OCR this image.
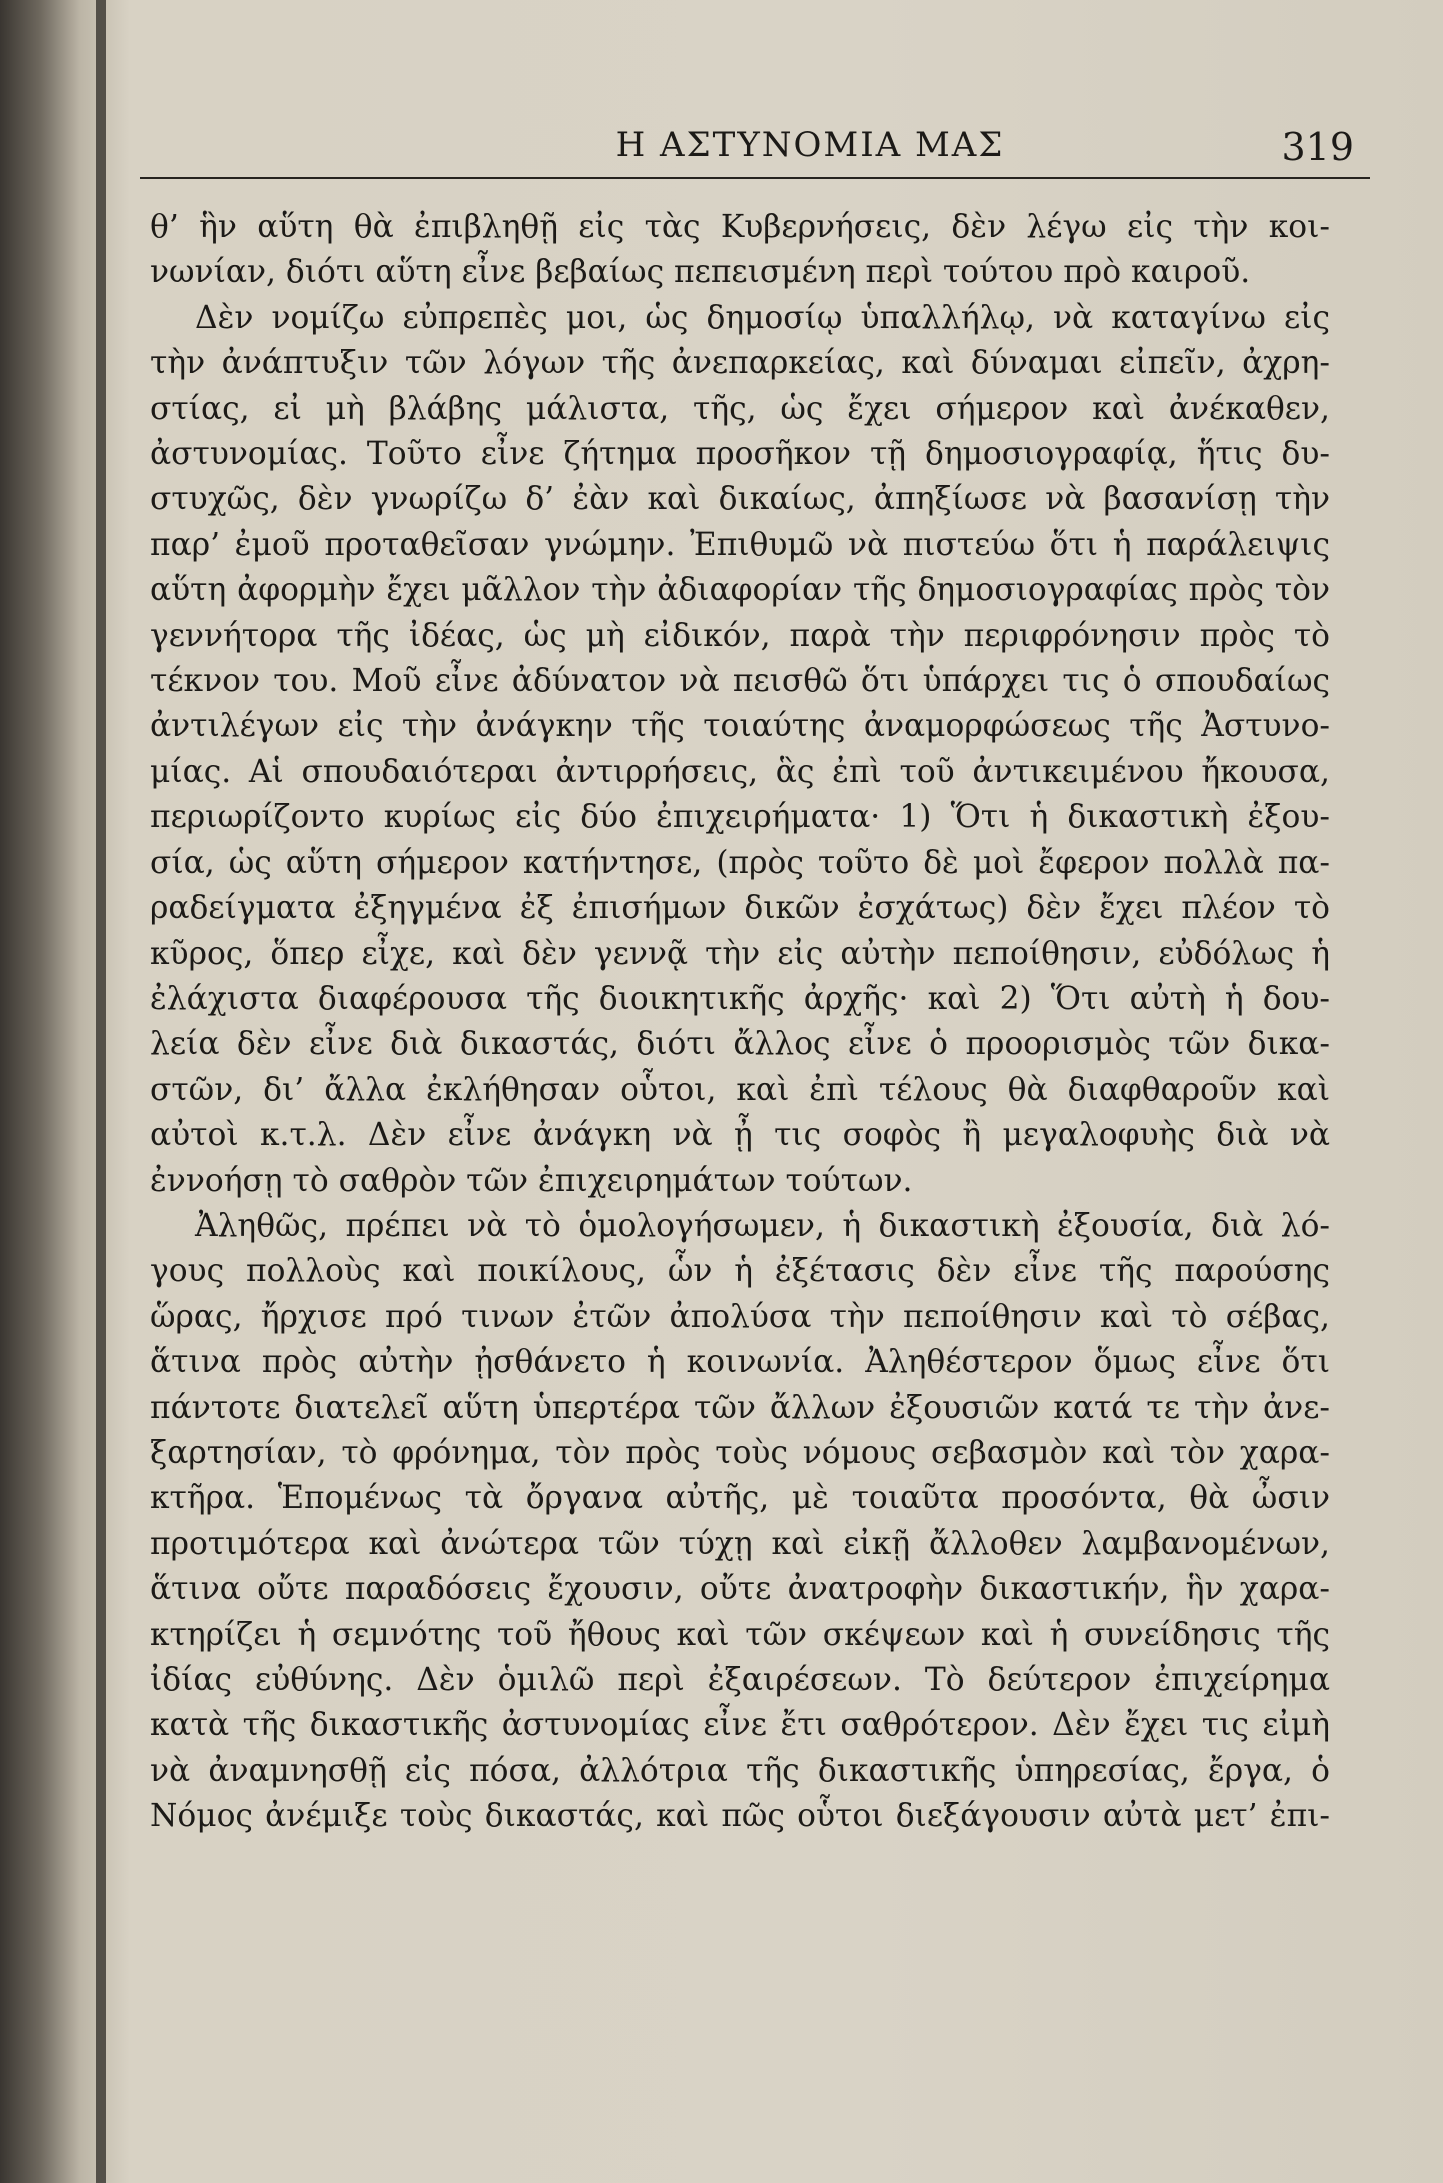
Η ΑΣΤΥΝΟΜΙΑ ΜΑΣ	319

θ’ ἣν αὕτη θὰ ἐπιβληθῇ εἰς τὰς Κυβερνήσεις, δὲν λέγω εἰς τὴν κοι-

νωνίαν, διότι αὕτη εἶνε βεβαίως πεπεισμένη περὶ τούτου πρὸ καιροῦ.

Δὲν νομίζω εὐπρεπὲς μοι, ὡς δημοσίῳ ὑπαλλήλῳ, νὰ καταγίνω εἰς

τὴν ἀνάπτυξιν τῶν λόγων τῆς ἀνεπαρκείας, καὶ δύναμαι εἰπεῖν, ἀχρη-

στίας, εἰ μὴ βλάβης μάλιστα, τῆς, ὡς ἔχει σήμερον καὶ ἀνέκαθεν,

ἀστυνομίας. Τοῦτο εἶνε ζήτημα προσῆκον τῇ δημοσιογραφίᾳ, ἥτις δυ-

στυχῶς, δὲν γνωρίζω δ’ ἐὰν καὶ δικαίως, ἀπηξίωσε νὰ βασανίσῃ τὴν

παρ’ ἐμοῦ προταθεῖσαν γνώμην. Ἐπιθυμῶ νὰ πιστεύω ὅτι ἡ παράλειψις

αὕτη ἀφορμὴν ἔχει μᾶλλον τὴν ἀδιαφορίαν τῆς δημοσιογραφίας πρὸς τὸν

γεννήτορα τῆς ἰδέας, ὡς μὴ εἰδικόν, παρὰ τὴν περιφρόνησιν πρὸς τὸ

τέκνον του. Μοῦ εἶνε ἀδύνατον νὰ πεισθῶ ὅτι ὑπάρχει τις ὁ σπουδαίως

ἀντιλέγων εἰς τὴν ἀνάγκην τῆς τοιαύτης ἀναμορφώσεως τῆς Ἀστυνο-

μίας. Αἱ σπουδαιότεραι ἀντιρρήσεις, ἃς ἐπὶ τοῦ ἀντικειμένου ἤκουσα,

περιωρίζοντο κυρίως εἰς δύο ἐπιχειρήματα· 1) Ὅτι ἡ δικαστικὴ ἐξου-

σία, ὡς αὕτη σήμερον κατήντησε, (πρὸς τοῦτο δὲ μοὶ ἔφερον πολλὰ πα-

ραδείγματα ἐξηγμένα ἐξ ἐπισήμων δικῶν ἐσχάτως) δὲν ἔχει πλέον τὸ

κῦρος, ὅπερ εἶχε, καὶ δὲν γεννᾷ τὴν εἰς αὐτὴν πεποίθησιν, εὐδόλως ἡ

ἐλάχιστα διαφέρουσα τῆς διοικητικῆς ἀρχῆς· καὶ 2) Ὅτι αὐτὴ ἡ δου-

λεία δὲν εἶνε διὰ δικαστάς, διότι ἄλλος εἶνε ὁ προορισμὸς τῶν δικα-

στῶν, δι’ ἄλλα ἐκλήθησαν οὗτοι, καὶ ἐπὶ τέλους θὰ διαφθαροῦν καὶ

αὐτοὶ κ.τ.λ. Δὲν εἶνε ἀνάγκη νὰ ᾖ τις σοφὸς ἢ μεγαλοφυὴς διὰ νὰ

ἐννοήσῃ τὸ σαθρὸν τῶν ἐπιχειρημάτων τούτων.

Ἀληθῶς, πρέπει νὰ τὸ ὁμολογήσωμεν, ἡ δικαστικὴ ἐξουσία, διὰ λό-

γους πολλοὺς καὶ ποικίλους, ὧν ἡ ἐξέτασις δὲν εἶνε τῆς παρούσης

ὥρας, ἤρχισε πρό τινων ἐτῶν ἀπολύσα τὴν πεποίθησιν καὶ τὸ σέβας,

ἅτινα πρὸς αὐτὴν ᾐσθάνετο ἡ κοινωνία. Ἀληθέστερον ὅμως εἶνε ὅτι

πάντοτε διατελεῖ αὕτη ὑπερτέρα τῶν ἄλλων ἐξουσιῶν κατά τε τὴν ἀνε-

ξαρτησίαν, τὸ φρόνημα, τὸν πρὸς τοὺς νόμους σεβασμὸν καὶ τὸν χαρα-

κτῆρα. Ἑπομένως τὰ ὄργανα αὐτῆς, μὲ τοιαῦτα προσόντα, θὰ ὦσιν

προτιμότερα καὶ ἀνώτερα τῶν τύχῃ καὶ εἰκῇ ἄλλοθεν λαμβανομένων,

ἅτινα οὔτε παραδόσεις ἔχουσιν, οὔτε ἀνατροφὴν δικαστικήν, ἣν χαρα-

κτηρίζει ἡ σεμνότης τοῦ ἤθους καὶ τῶν σκέψεων καὶ ἡ συνείδησις τῆς

ἰδίας εὐθύνης. Δὲν ὁμιλῶ περὶ ἐξαιρέσεων. Τὸ δεύτερον ἐπιχείρημα

κατὰ τῆς δικαστικῆς ἀστυνομίας εἶνε ἔτι σαθρότερον. Δὲν ἔχει τις εἰμὴ

νὰ ἀναμνησθῇ εἰς πόσα, ἀλλότρια τῆς δικαστικῆς ὑπηρεσίας, ἔργα, ὁ

Νόμος ἀνέμιξε τοὺς δικαστάς, καὶ πῶς οὗτοι διεξάγουσιν αὐτὰ μετ’ ἐπι-
